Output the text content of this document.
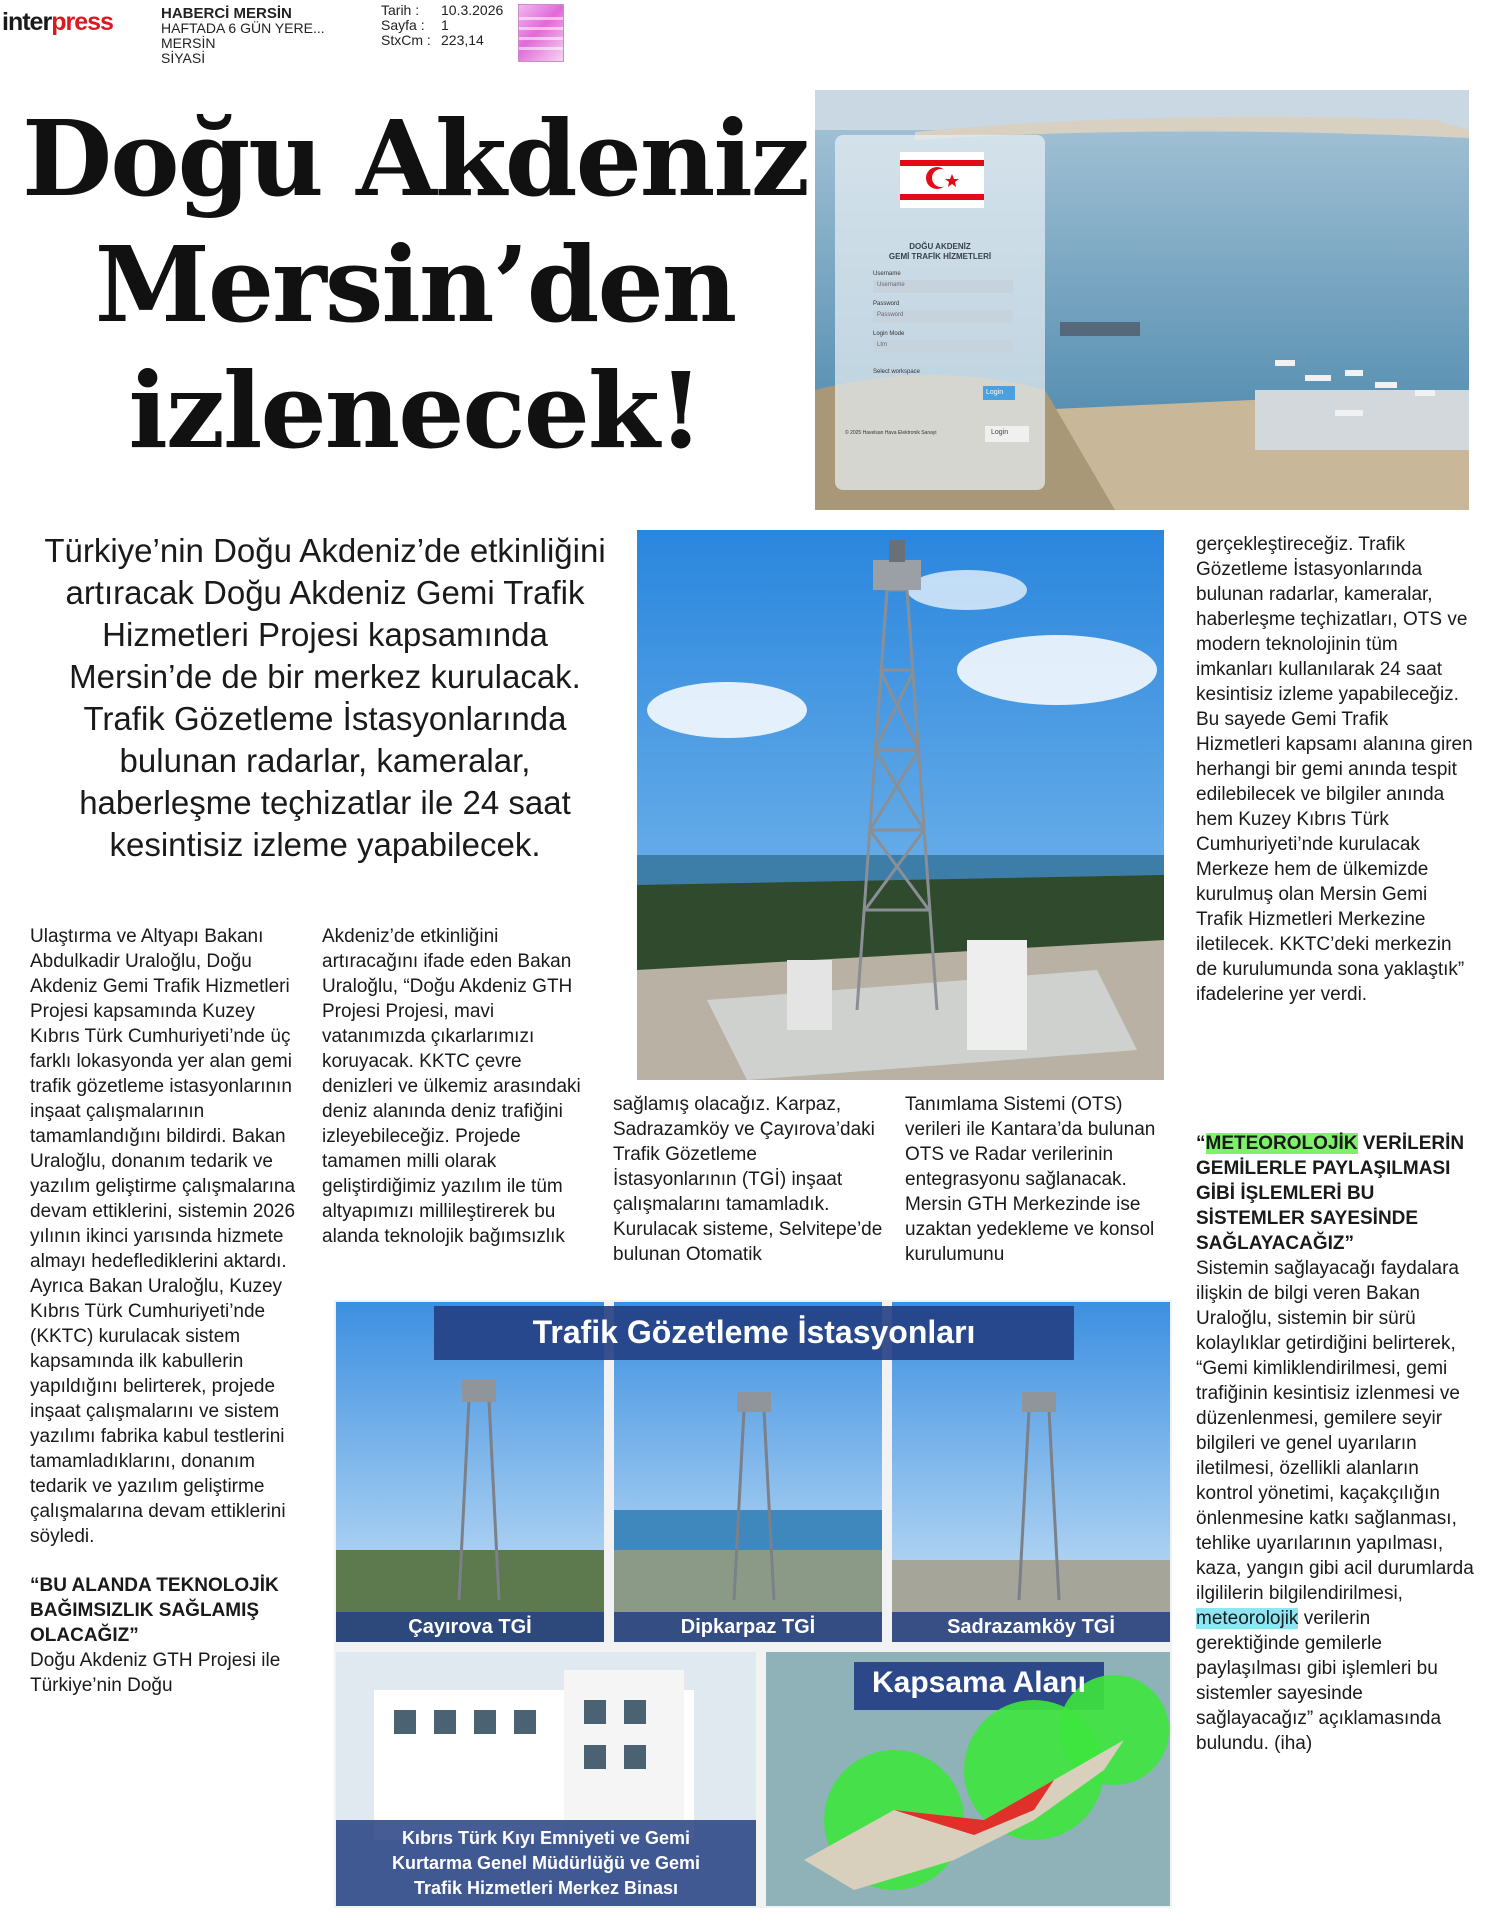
interpress	HABERCİ MERSİN
HAFTADA 6 GÜN YERE...
MERSİN
SİYASİ
Tarih :	10.3.2026
Sayfa :	1
StxCm : 223,14
Doğu Akdeniz
Mersin’den
izlenecek!
DOĞU AKDENİZ
GEMİ TRAFİK HİZMETLERİ
Username
Username
Password
Password
Login Mode
Ltm
Select workspace
Login
© 2025 Havelsan Hava Elektronik Sanayi	Login
Türkiye’nin Doğu Akdeniz’de etkinliğini artıracak Doğu Akdeniz Gemi Trafik Hizmetleri Projesi kapsamında Mersin’de de bir merkez kurulacak. Trafik Gözetleme İstasyonlarında bulunan radarlar, kameralar, haberleşme teçhizatlar ile 24 saat kesintisiz izleme yapabilecek.

Ulaştırma ve Altyapı Bakanı Abdulkadir Uraloğlu, Doğu Akdeniz Gemi Trafik Hizmetleri Projesi kapsamında Kuzey Kıbrıs Türk Cumhuriyeti’nde üç farklı lokasyonda yer alan gemi trafik gözetleme istasyonlarının inşaat çalışmalarının tamamlandığını bildirdi. Bakan Uraloğlu, donanım tedarik ve yazılım geliştirme çalışmalarına devam ettiklerini, sistemin 2026 yılının ikinci yarısında hizmete almayı hedeflediklerini aktardı. Ayrıca Bakan Uraloğlu, Kuzey Kıbrıs Türk Cumhuriyeti’nde (KKTC) kurulacak sistem kapsamında ilk kabullerin yapıldığını belirterek, projede inşaat çalışmalarını ve sistem yazılımı fabrika kabul testlerini tamamladıklarını, donanım tedarik ve yazılım geliştirme çalışmalarına devam ettiklerini söyledi.

“BU ALANDA TEKNOLOJİK BAĞIMSIZLIK SAĞLAMIŞ OLACAĞIZ”

Doğu Akdeniz GTH Projesi ile Türkiye’nin Doğu

Akdeniz’de etkinliğini artıracağını ifade eden Bakan Uraloğlu, “Doğu Akdeniz GTH Projesi Projesi, mavi vatanımızda çıkarlarımızı koruyacak. KKTC çevre denizleri ve ülkemiz arasındaki deniz alanında deniz trafiğini izleyebileceğiz. Projede tamamen milli olarak geliştirdiğimiz yazılım ile tüm altyapımızı millileştirerek bu alanda teknolojik bağımsızlık

sağlamış olacağız. Karpaz, Sadrazamköy ve Çayırova’daki Trafik Gözetleme İstasyonlarının (TGİ) inşaat çalışmalarını tamamladık. Kurulacak sisteme, Selvitepe’de bulunan Otomatik

Tanımlama Sistemi (OTS) verileri ile Kantara’da bulunan OTS ve Radar verilerinin entegrasyonu sağlanacak. Mersin GTH Merkezinde ise uzaktan yedekleme ve konsol kurulumunu

gerçekleştireceğiz. Trafik Gözetleme İstasyonlarında bulunan radarlar, kameralar, haberleşme teçhizatları, OTS ve modern teknolojinin tüm imkanları kullanılarak 24 saat kesintisiz izleme yapabileceğiz. Bu sayede Gemi Trafik Hizmetleri kapsamı alanına giren herhangi bir gemi anında tespit edilebilecek ve bilgiler anında hem Kuzey Kıbrıs Türk Cumhuriyeti’nde kurulacak Merkeze hem de ülkemizde kurulmuş olan Mersin Gemi Trafik Hizmetleri Merkezine iletilecek. KKTC’deki merkezin de kurulumunda sona yaklaştık” ifadelerine yer verdi.

“METEOROLOJİK VERİLERİN GEMİLERLE PAYLAŞILMASI GİBİ İŞLEMLERİ BU SİSTEMLER SAYESİNDE SAĞLAYACAĞIZ”

Sistemin sağlayacağı faydalara ilişkin de bilgi veren Bakan Uraloğlu, sistemin bir sürü kolaylıklar getirdiğini belirterek, “Gemi kimliklendirilmesi, gemi trafiğinin kesintisiz izlenmesi ve düzenlenmesi, gemilere seyir bilgileri ve genel uyarıların iletilmesi, özellikli alanların kontrol yönetimi, kaçakçılığın önlenmesine katkı sağlanması, tehlike uyarılarının yapılması, kaza, yangın gibi acil durumlarda ilgililerin bilgilendirilmesi, meteorolojik verilerin gerektiğinde gemilerle paylaşılması gibi işlemleri bu sistemler sayesinde sağlayacağız” açıklamasında bulundu. (iha)

Trafik Gözetleme İstasyonları
Çayırova TGİ	Dipkarpaz TGİ	Sadrazamköy TGİ
Kıbrıs Türk Kıyı Emniyeti ve Gemi
Kurtarma Genel Müdürlüğü ve Gemi
Trafik Hizmetleri Merkez Binası
Kapsama Alanı
